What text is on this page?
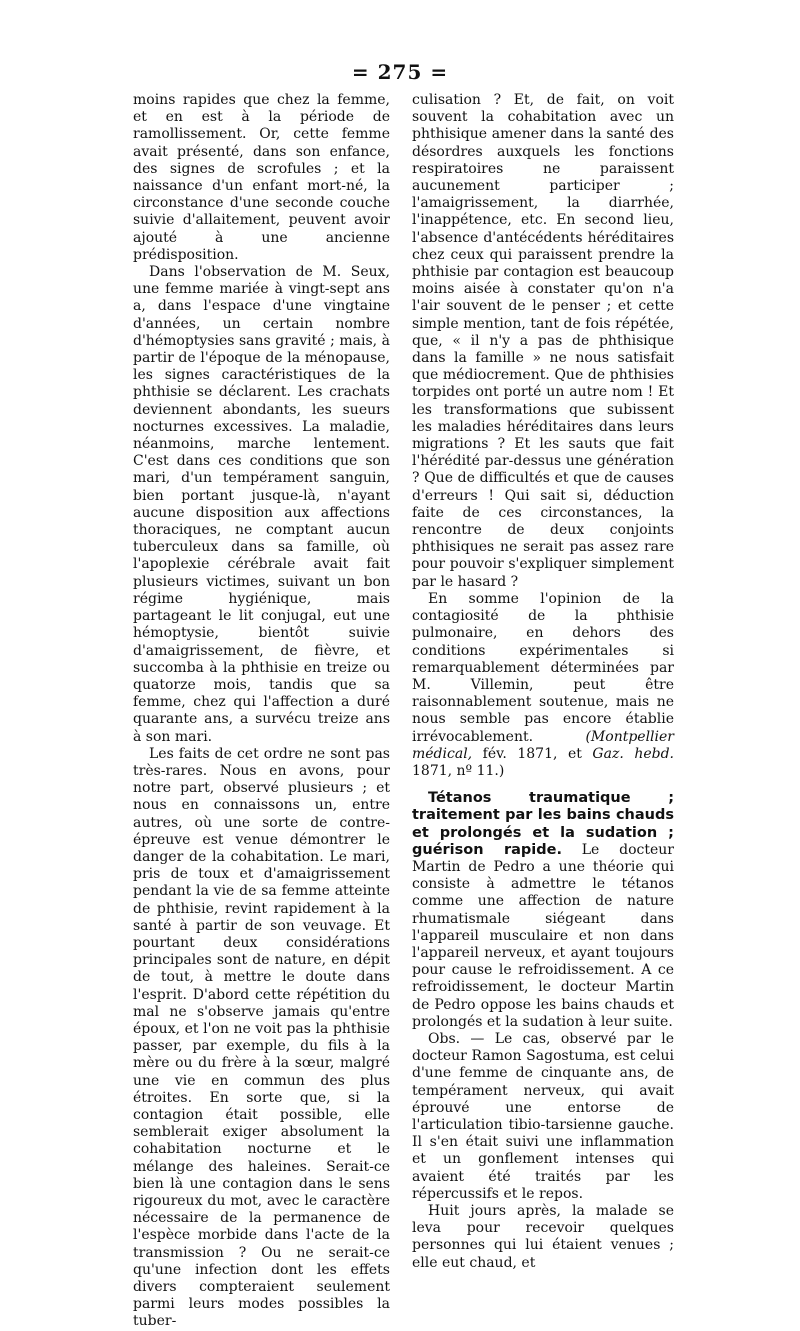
= 275 =

moins rapides que chez la femme, et en est à la période de ramollissement. Or, cette femme avait présenté, dans son enfance, des signes de scrofules ; et la naissance d'un enfant mort-né, la circonstance d'une seconde couche suivie d'allaitement, peuvent avoir ajouté à une ancienne prédisposition.

Dans l'observation de M. Seux, une femme mariée à vingt-sept ans a, dans l'espace d'une vingtaine d'années, un certain nombre d'hémoptysies sans gravité ; mais, à partir de l'époque de la ménopause, les signes caractéristiques de la phthisie se déclarent. Les crachats deviennent abondants, les sueurs nocturnes excessives. La maladie, néanmoins, marche lentement. C'est dans ces conditions que son mari, d'un tempérament sanguin, bien portant jusque-là, n'ayant aucune disposition aux affections thoraciques, ne comptant aucun tuberculeux dans sa famille, où l'apoplexie cérébrale avait fait plusieurs victimes, suivant un bon régime hygiénique, mais partageant le lit conjugal, eut une hémoptysie, bientôt suivie d'amaigrissement, de fièvre, et succomba à la phthisie en treize ou quatorze mois, tandis que sa femme, chez qui l'affection a duré quarante ans, a survécu treize ans à son mari.

Les faits de cet ordre ne sont pas très-rares. Nous en avons, pour notre part, observé plusieurs ; et nous en connaissons un, entre autres, où une sorte de contre-épreuve est venue démontrer le danger de la cohabitation. Le mari, pris de toux et d'amaigrissement pendant la vie de sa femme atteinte de phthisie, revint rapidement à la santé à partir de son veuvage. Et pourtant deux considérations principales sont de nature, en dépit de tout, à mettre le doute dans l'esprit. D'abord cette répétition du mal ne s'observe jamais qu'entre époux, et l'on ne voit pas la phthisie passer, par exemple, du fils à la mère ou du frère à la sœur, malgré une vie en commun des plus étroites. En sorte que, si la contagion était possible, elle semblerait exiger absolument la cohabitation nocturne et le mélange des haleines. Serait-ce bien là une contagion dans le sens rigoureux du mot, avec le caractère nécessaire de la permanence de l'espèce morbide dans l'acte de la transmission ? Ou ne serait-ce qu'une infection dont les effets divers compteraient seulement parmi leurs modes possibles la tuber-

culisation ? Et, de fait, on voit souvent la cohabitation avec un phthisique amener dans la santé des désordres auxquels les fonctions respiratoires ne paraissent aucunement participer ; l'amaigrissement, la diarrhée, l'inappétence, etc. En second lieu, l'absence d'antécédents héréditaires chez ceux qui paraissent prendre la phthisie par contagion est beaucoup moins aisée à constater qu'on n'a l'air souvent de le penser ; et cette simple mention, tant de fois répétée, que, « il n'y a pas de phthisique dans la famille » ne nous satisfait que médiocrement. Que de phthisies torpides ont porté un autre nom ! Et les transformations que subissent les maladies héréditaires dans leurs migrations ? Et les sauts que fait l'hérédité par-dessus une génération ? Que de difficultés et que de causes d'erreurs ! Qui sait si, déduction faite de ces circonstances, la rencontre de deux conjoints phthisiques ne serait pas assez rare pour pouvoir s'expliquer simplement par le hasard ?

En somme l'opinion de la contagiosité de la phthisie pulmonaire, en dehors des conditions expérimentales si remarquablement déterminées par M. Villemin, peut être raisonnablement soutenue, mais ne nous semble pas encore établie irrévocablement.	(Montpellier médical, fév. 1871, et Gaz. hebd. 1871, nº 11.)

Tétanos traumatique ; traitement par les bains chauds et prolongés et la sudation ; guérison rapide. Le docteur Martin de Pedro a une théorie qui consiste à admettre le tétanos comme une affection de nature rhumatismale siégeant dans l'appareil musculaire et non dans l'appareil nerveux, et ayant toujours pour cause le refroidissement. A ce refroidissement, le docteur Martin de Pedro oppose les bains chauds et prolongés et la sudation à leur suite.

Obs. — Le cas, observé par le docteur Ramon Sagostuma, est celui d'une femme de cinquante ans, de tempérament nerveux, qui avait éprouvé une entorse de l'articulation tibio-tarsienne gauche. Il s'en était suivi une inflammation et un gonflement intenses qui avaient été traités par les répercussifs et le repos.

Huit jours après, la malade se leva pour recevoir quelques personnes qui lui étaient venues ; elle eut chaud, et
